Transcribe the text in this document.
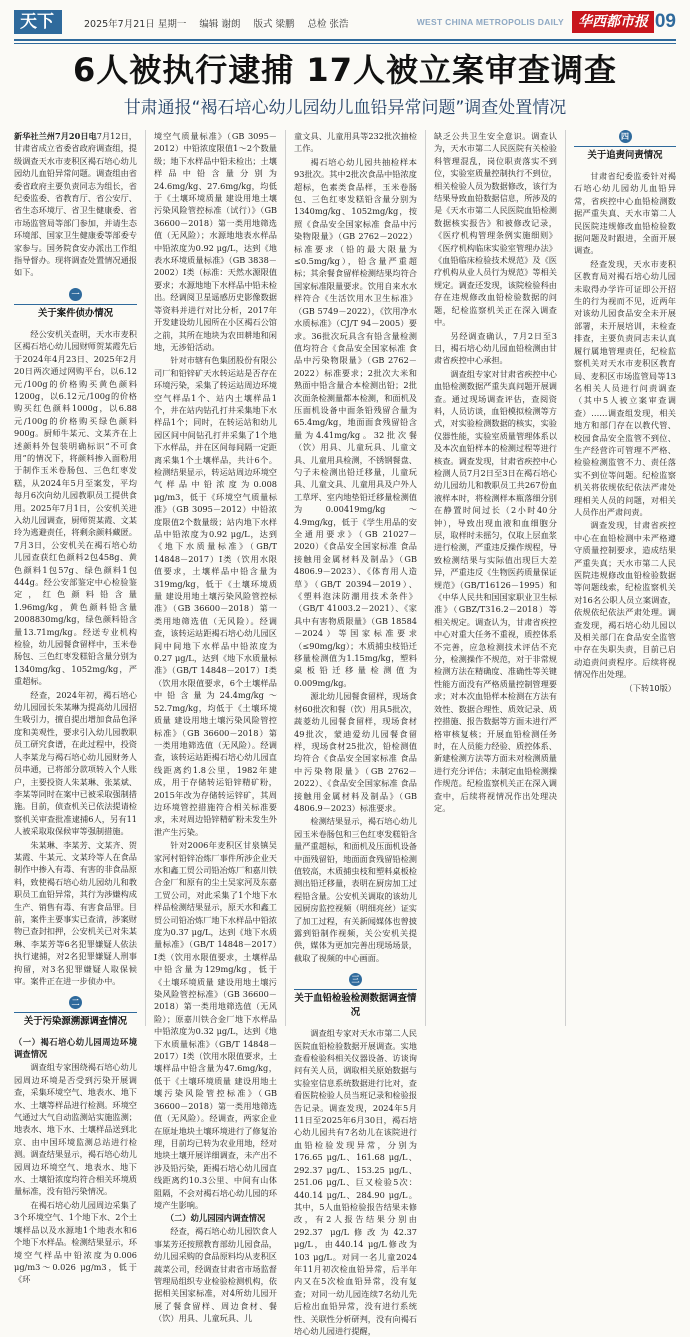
天下	2025年7月21日 星期一 编辑 谢朗 版式 梁鹏 总检 张浩	WEST CHINA METROPOLIS DAILY	华西都市报 09
6人被执行逮捕 17人被立案审查调查
甘肃通报“褐石培心幼儿园幼儿血铅异常问题”调查处置情况

新华社兰州7月20日电7月12日，甘肃省成立省委省政府调查组，提级调查天水市麦积区褐石培心幼儿园幼儿血铅异常问题。调查组由省委省政府主要负责同志为组长，省纪委监委、省教育厅、省公安厅、省生态环境厅、省卫生健康委、省市场监管局等部门参加，并请生态环境部、国家卫生健康委等部委专家参与。国务院食安办派出工作组指导督办。现将调查处置情况通报如下。

一
关于案件侦办情况

经公安机关查明，天水市麦积区褐石培心幼儿园财师贺某霞先后于2024年4月23日、2025年2月20日两次通过网购平台，以6.12元/100g的价格购买黄色颜料1200g，以6.12元/100g的价格购买红色颜料1000g，以6.88元/100g的价格购买绿色颜料900g。厨师牛某元、文某齐在上述颜料外包装明确标识“不可食用”的情况下，将颜料掺入面粉用于制作玉米卷肠包、三色红枣发糕，从2024年5月至案发，平均每月6次向幼儿园教职员工提供食用。2025年7月1日，公安机关进入幼儿园调查，厨师贺某霞、文某玲为逃避责任，将剩余颜料藏匿。7月3日，公安机关在褐石培心幼儿园查获红色颜料2包458g、黄色颜料1包57g、绿色颜料1包444g。经公安部鉴定中心检验鉴定，红色颜料铅含量1.96mg/kg，黄色颜料铅含量2008830mg/kg，绿色颜料铅含量13.71mg/kg。经送专业机构检验，幼儿园餐食留样中，玉米卷肠包、三色红枣发糕铅含量分别为1340mg/kg、1052mg/kg，严重超标。

经查，2024年初，褐石培心幼儿园园长朱某琳为提高幼儿园招生吸引力，擅自提出增加食品色泽度和美观性，要求引入幼儿园教职员工研究食谱，在此过程中，投资人李某龙与褐石培心幼儿园财务人员串通，已将部分款项转入个人账户，主要投资人朱某琳、张某斌、李某等同时在案中已被采取强制措施。目前，侦查机关已依法提请检察机关审查批准逮捕6人，另有11人被采取取保候审等强制措施。

朱某琳、李某芳、文某齐、贺某霞、牛某元、文某玲等人在食品制作中掺入有毒、有害的非食品原料，致使褐石培心幼儿园幼儿和教职员工血铅异常，其行为涉嫌构成生产、销售有毒、有害食品罪。目前，案件主要事实已查清，涉案财物已查封扣押，公安机关已对朱某琳、李某芳等6名犯罪嫌疑人依法执行逮捕，对2名犯罪嫌疑人刑事拘留，对3名犯罪嫌疑人取保候审。案件正在进一步侦办中。

二
关于污染源溯源调查情况

（一）褐石培心幼儿园周边环境调查情况

调查组专家围绕褐石培心幼儿园周边环境是否受到污染开展调查，采集环境空气、地表水、地下水、土壤等样品进行检测。环境空气通过大气自动监测站实施监测；地表水、地下水、土壤样品送到北京、由中国环境监测总站进行检测。调查结果显示，褐石培心幼儿园周边环境空气、地表水、地下水、土壤铅浓度均符合相关环境质量标准，没有铅污染情况。

在褐石培心幼儿园周边采集了3个环境空气、1个地下水、2个土壤样品以及水源地1个地表水和6个地下水样品。检测结果显示，环境空气样品中铅浓度为0.006 μg/m3～0.026 μg/m3，低于《环

境空气质量标准》（GB 3095－2012）中铅浓度限值1～2个数量级；地下水样品中铅未检出；土壤样品中铅含量分别为24.6mg/kg、27.6mg/kg，均低于《土壤环境质量 建设用地土壤污染风险管控标准（试行）》（GB 36600－2018）第一类用地筛选值（无风险）；水源地地表水样品中铅浓度为0.92 μg/L，达到《地表水环境质量标准》（GB 3838－2002）I类（标准：天然水源限值要求；水源地地下水样品中铅未检出。经调阅卫星遥感历史影像数据等资料并进行对比分析，2017年开发建设幼儿园所在小区褐石公馆之前，其所在地块为农田耕地和闲地，无涉铅活动。

针对市辖有色集团股份有限公司厂和铅锌矿天水转运站是否存在环境污染，采集了转运站周边环境空气样品1个、站内土壤样品1个，井在站内钻孔打井采集地下水样品1个；同时，在转运站和幼儿园区间中间钻孔打井采集了1个地下水样品，并在区间每间隔一定距离采集1个土壤样品，共计6个。检测结果显示，转运站周边环境空气样品中铅浓度为0.008 μg/m3，低于《环境空气质量标准》（GB 3095－2012）中铅浓度限值2个数量级；站内地下水样品中铅浓度为0.92 μg/L，达到《地下水质量标准》（GB/T 14848－2017）I类（饮用水限值要求，土壤样品中铅含量为319mg/kg，低于《土壤环境质量 建设用地土壤污染风险管控标准》（GB 36600－2018）第一类用地筛选值（无风险）。经调查，该转运站距褐石培心幼儿园区间中间地下水样品中铅浓度为0.27 μg/L，达到《地下水质量标准》（GB/T 14848－2017）I类（饮用水限值要求，6个土壤样品中铅含量为24.4mg/kg～52.7mg/kg，均低于《土壤环境质量 建设用地土壤污染风险管控标准》（GB 36600－2018）第一类用地筛选值（无风险）。经调查，该转运站距褐石培心幼儿园直线距离约1.8公里，1982年建成，用于存储转运铅锌精矿粉，2015年改为存储转运锌矿，其周边环境管控措施符合相关标准要求，未对周边铅锌精矿粉未发生外泄产生污染。

针对2006年麦积区甘泉镇吴家河村铅锌冶炼厂事件所涉企业天水和鑫工贸公司铅冶炼厂和嘉川铁合金厂和原有的尘土吴家河及东嘉工贸公司，对此采集了1个地下水样品检测结果显示，原天水和鑫工贸公司铅冶炼厂地下水样品中铅浓度为0.37 μg/L，达到《地下水质量标准》（GB/T 14848－2017）I类（饮用水限值要求，土壤样品中铅含量为129mg/kg，低于《土壤环境质量 建设用地土壤污染风险管控标准》（GB 36600－2018）第一类用地筛选值（无风险）；原嘉川铁合金厂地下水样品中铅浓度为0.32 μg/L，达到《地下水质量标准》（GB/T 14848－2017）I类（饮用水限值要求，土壤样品中铅含量为47.6mg/kg，低于《土壤环境质量 建设用地土壤污染风险管控标准》（GB 36600－2018）第一类用地筛选值（无风险）。经调查，两家企业在原址地块土壤环境进行了修复治理，目前均已转为农业用地，经对地块土壤开展详细调查，未产出不涉及铅污染，距褐石培心幼儿园直线距离约10.3公里、中间有山体阻隔，不会对褐石培心幼儿园的环境产生影响。

（二）幼儿园园内调查情况

经查，褐石培心幼儿园饮食人事某芳还按照教育部幼儿园食品，幼儿园采购的食品原料均从麦积区蔬菜公司，经调查甘肃省市场监督管理局组织专业检验检测机构，依据相关国家标准，对4所幼儿园开展了餐食留样、周边食材、餐（饮）用具、儿童玩具、儿

童文具、儿童用具等232批次抽检工作。

褐石培心幼儿园共抽检样本93批次。其中2批次食品中铅浓度超标，色素类食品样，玉米卷肠包、三色红枣发糕铅含量分别为1340mg/kg、1052mg/kg，按照《食品安全国家标准 食品中污染物限量》（GB 2762－2022）标准要求（铅的最大限量为≤0.5mg/kg），铅含量严重超标；其余餐食留样检测结果均符合国家标准限量要求。饮用自来水水样符合《生活饮用水卫生标准》（GB 5749－2022），《饮用净水水质标准》（CJ/T 94－2005）要求。36批次玩具含有铅含量检测值均符合《食品安全国家标准 食品中污染物限量》（GB 2762－2022）标准要求；2批次大米和熟面中铅含量合本检测出铅；2批次面条检测量都本检测，和面机及压面机设备中面条铅残留合量为65.4mg/kg，地面面食残留铅含量为4.41mg/kg。32批次餐（饮）用具、儿童玩具、儿童文具、儿童用具检测，不锈钢餐盘、勺子未检测出铅迁移量，儿童玩具、儿童文具、儿童用具及户外人工草坪、室内地垫铅迁移量检测值为0.00419mg/kg～4.9mg/kg，低于《学生用品的安全通用要求》（GB 21027－2020）《食品安全国家标准 食品接触用金属材料及制品》（GB 4806.9－2023）、《体育用人造草》（GB/T 20394－2019）、《塑料泡沫防潮用技术条件》（GB/T 41003.2－2021）、《家具中有害物质限量》（GB 18584－2024）等国家标准要求（≤90mg/kg）；木质捕虫枝铅迁移量检测值为1.15mg/kg，塑料桌板铅迁移量检测值为0.009mg/kg。

源北幼儿园餐食留样，现场食材60批次和餐（饮）用具5批次，蔬菱幼儿园餐食留样，现场食材49批次，蒙迪爱幼儿园餐食留样，现场食材25批次，铅检测值均符合《食品安全国家标准 食品中污染物限量》（GB 2762－2022）、《食品安全国家标准 食品接触用金属材料及制品》（GB 4806.9－2023）标准要求。

检测结果显示，褐石培心幼儿园玉米卷肠包和三色红枣发糕铅含量严重超标，和面机及压面机设备中面残留铅，地面面食残留铅检测值较高，木质捕虫枝和塑料桌板检测出铅迁移量，表明在厨房加工过程铅含量。公安机关调取的该幼儿园厨房监控视频（明细亮丝）证实了加工过程，有关新闻媒体也曾披露到铅制作视频，关公安机关提供，媒体为更加完善出现场场景，截取了视频的中心画面。

三
关于血铅检验检测数据调查情况

调查组专家对天水市第二人民医院血铅检验数据开展调查。实地查看检验科相关仪器设备、访谈询问有关人员，调取相关原始数据与实验室信息系统数据进行比对，查看医院检验人员当班记录和检验报告记录。调查发现，2024年5月11日至2025年6月30日，褐石培心幼儿园共有7名幼儿在该院进行血铅检验发现异常，分别为176.65 μg/L、161.68 μg/L、292.37 μg/L、153.25 μg/L、251.06 μg/L、巨又检验5次：440.14 μg/L、284.90 μg/L。其中，5人血铅检验报告结果未修改，有2人报告结果分别由292.37 μg/L修改为42.37 μg/L，由440.14 μg/L修改为103 μg/L。对同一名儿童2024年11月初次检血铅异常，后半年内又在5次检血铅异常，没有复查；对同一幼儿园连续7名幼儿先后检出血铅异常，没有进行系统性、关联性分析研判，没有向褐石培心幼儿园进行提醒，

缺乏公共卫生安全意识。调查认为，天水市第二人民医院有关检验科管理混乱，岗位职责落实不到位，实验室质量控制执行不到位，相关检验人员为数据修改，该行为结果导致血铅数据信息，所涉及的是《天水市第二人民医院血铅检测数据核实报告》和被修改记录，《医疗机构管理条例实施细则》《医疗机构临床实验室管理办法》《血铅临床检验技术规范》及《医疗机构从业人员行为规范》等相关规定。调查还发现，该院检验科由存在违规修改血铅检验数据的问题，纪检监察机关正在深入调查中。

另经调查确认，7月2日至3日，褐石培心幼儿园血铅检测由甘肃省疾控中心承担。

调查组专家对甘肃省疾控中心血铅检测数据严重失真问题开展调查。通过现场调查评估，查阅资料，人员访谈，血铅模拟检测等方式，对实验检测数据的核实，实验仪器性能，实验室质量管理体系以及本次血铅样本的检测过程等进行核查。调查发现，甘肃省疾控中心检测人员7月2日至3日在褐石培心幼儿园幼儿和教职员工共267份血液样本时，将检测样本瓶落细分别在静置时间过长（2小时40分钟），导致出现血液和血细胞分层，取样时未摇匀，仅取上层血浆进行检测，严重违反操作规程，导致检测结果与实际值出现巨大差异，严重违反《生物医药质量保证规范》（GB/T16126－1995）和《中华人民共和国国家职业卫生标准》（GBZ/T316.2－2018）等相关规定。调查认为，甘肃省疾控中心对重大任务不重视，质控体系不完善，应急检测技术评估不充分，检测操作不规范，对于非常规检测方法在精确度、准确性等关键性能方面没有严格质量控制管理要求；对本次血铅样本检测在方法有效性、数据合理性、质效记录、质控措施、报告数据等方面未进行严格审核复核；开展血铅检测任务时，在人员能力经验、质控体系、新建检测方法等方面未对检测质量进行充分评估；未制定血铅检测操作规范。纪检监察机关正在深入调查中，后续将视情况作出处理决定。

四
关于追责问责情况

甘肃省纪委监委针对褐石培心幼儿园幼儿血铅异常，省疾控中心血铅检测数据严重失真、天水市第二人民医院违规修改血铅检验数据问题及时跟进，全面开展调查。

经查发现，天水市麦积区教育局对褐石培心幼儿园未取得办学许可证即公开招生的行为视而不见，近两年对该幼儿园食品安全未开展部署，未开展培训，未检查排查，主要负责同志未认真履行属地管理责任，纪检监察机关对天水市麦积区教育局、麦积区市场监管局等13名相关人员进行问责调查（其中5人被立案审查调查）……调查组发现，相关地方和部门存在以教代管、校园食品安全监管不到位、生产经营许可管理不严格、检验检测监管不力、责任落实不到位等问题。纪检监察机关将依规依纪依法严肃处理相关人员的问题，对相关人员作出严肃问责。

调查发现，甘肃省疾控中心在血铅检测中未严格遵守质量控制要求，造成结果严重失真；天水市第二人民医院违规修改血铅检验数据等问题线索，纪检监察机关对16名公职人员立案调查，依规依纪依法严肃处理。调查发现，褐石培心幼儿园以及相关部门在食品安全监管中存在失职失责，目前已启动追责问责程序。后续将视情况作出处理。

（下转10版）
